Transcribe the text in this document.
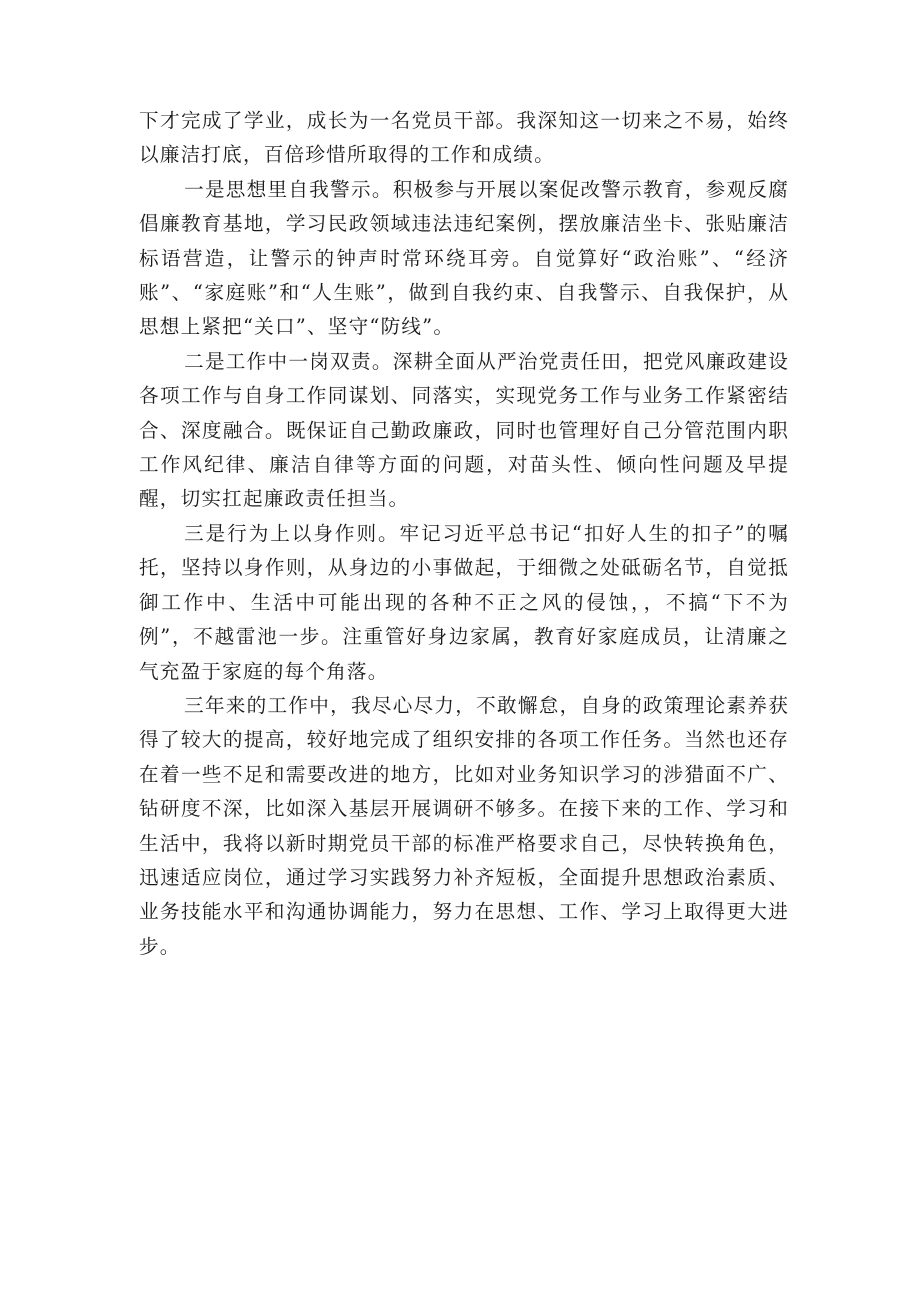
下才完成了学业，成长为一名党员干部。我深知这一切来之不易，始终以廉洁打底，百倍珍惜所取得的工作和成绩。

一是思想里自我警示。积极参与开展以案促改警示教育，参观反腐倡廉教育基地，学习民政领域违法违纪案例，摆放廉洁坐卡、张贴廉洁标语营造，让警示的钟声时常环绕耳旁。自觉算好“政治账”、“经济账”、“家庭账”和“人生账”，做到自我约束、自我警示、自我保护，从思想上紧把“关口”、坚守“防线”。

二是工作中一岗双责。深耕全面从严治党责任田，把党风廉政建设各项工作与自身工作同谋划、同落实，实现党务工作与业务工作紧密结合、深度融合。既保证自己勤政廉政，同时也管理好自己分管范围内职工作风纪律、廉洁自律等方面的问题，对苗头性、倾向性问题及早提醒，切实扛起廉政责任担当。

三是行为上以身作则。牢记习近平总书记“扣好人生的扣子”的嘱托，坚持以身作则，从身边的小事做起，于细微之处砥砺名节，自觉抵御工作中、生活中可能出现的各种不正之风的侵蚀，，不搞“下不为例”，不越雷池一步。注重管好身边家属，教育好家庭成员，让清廉之气充盈于家庭的每个角落。

三年来的工作中，我尽心尽力，不敢懈怠，自身的政策理论素养获得了较大的提高，较好地完成了组织安排的各项工作任务。当然也还存在着一些不足和需要改进的地方，比如对业务知识学习的涉猎面不广、钻研度不深，比如深入基层开展调研不够多。在接下来的工作、学习和生活中，我将以新时期党员干部的标准严格要求自己，尽快转换角色，迅速适应岗位，通过学习实践努力补齐短板，全面提升思想政治素质、业务技能水平和沟通协调能力，努力在思想、工作、学习上取得更大进步。
